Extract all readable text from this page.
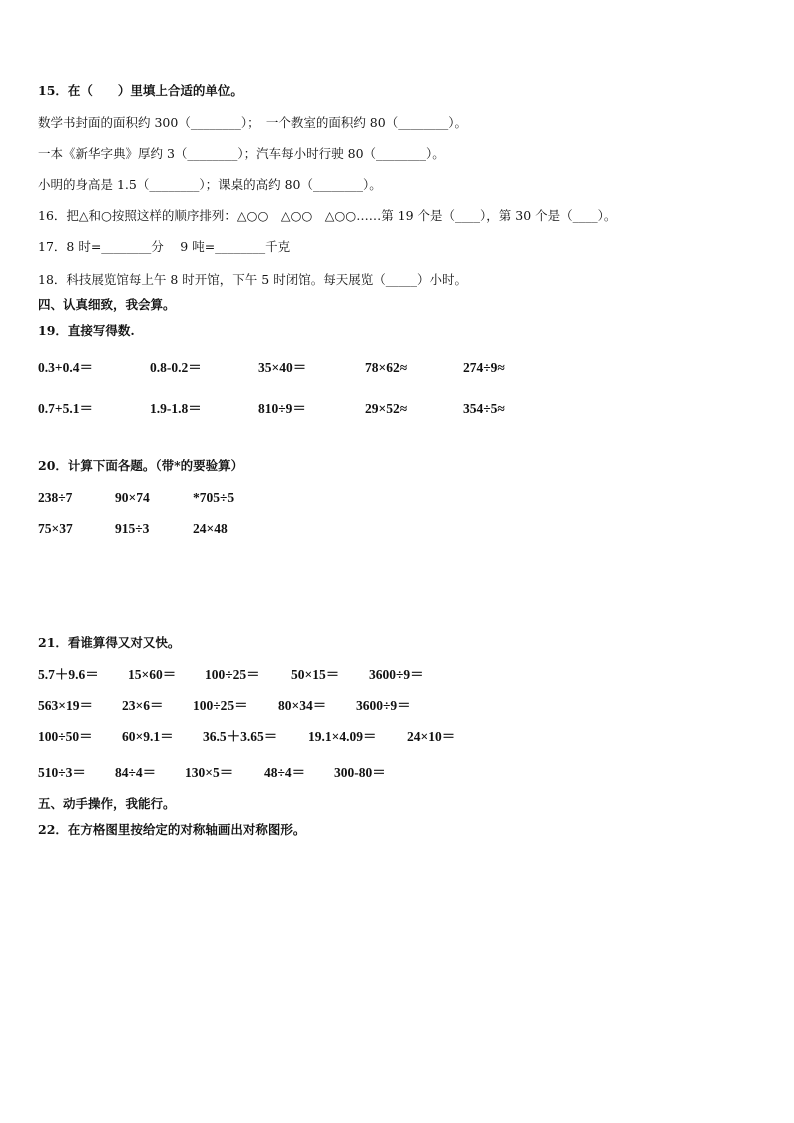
15．在（　　）里填上合适的单位。
数学书封面的面积约 300（________）；　一个教室的面积约 80（________）。
一本《新华字典》厚约 3（________）；汽车每小时行驶 80（________）。
小明的身高是 1.5（________）；课桌的高约 80（________）。
16．把△和○按照这样的顺序排列：△○○　△○○　△○○……第 19 个是（____），第 30 个是（____）。
17．8 时=________分　 9 吨=________千克
18．科技展览馆每上午 8 时开馆，下午 5 时闭馆。每天展览（_____）小时。
四、认真细致，我会算。
19．直接写得数.
0.3+0.4＝	0.8-0.2＝	35×40＝	78×62≈	274÷9≈
0.7+5.1＝	1.9-1.8＝	810÷9＝	29×52≈	354÷5≈
20．计算下面各题。（带*的要验算）
238÷7	90×74	*705÷5
75×37	915÷3	24×48
21．看谁算得又对又快。
5.7＋9.6＝ 15×60＝ 100÷25＝ 50×15＝ 3600÷9＝
563×19＝ 23×6＝ 100÷25＝ 80×34＝ 3600÷9＝
100÷50＝ 60×9.1＝ 36.5＋3.65＝ 19.1×4.09＝ 24×10＝
510÷3＝ 84÷4＝ 130×5＝ 48÷4＝ 300-80＝
五、动手操作，我能行。
22．在方格图里按给定的对称轴画出对称图形。
